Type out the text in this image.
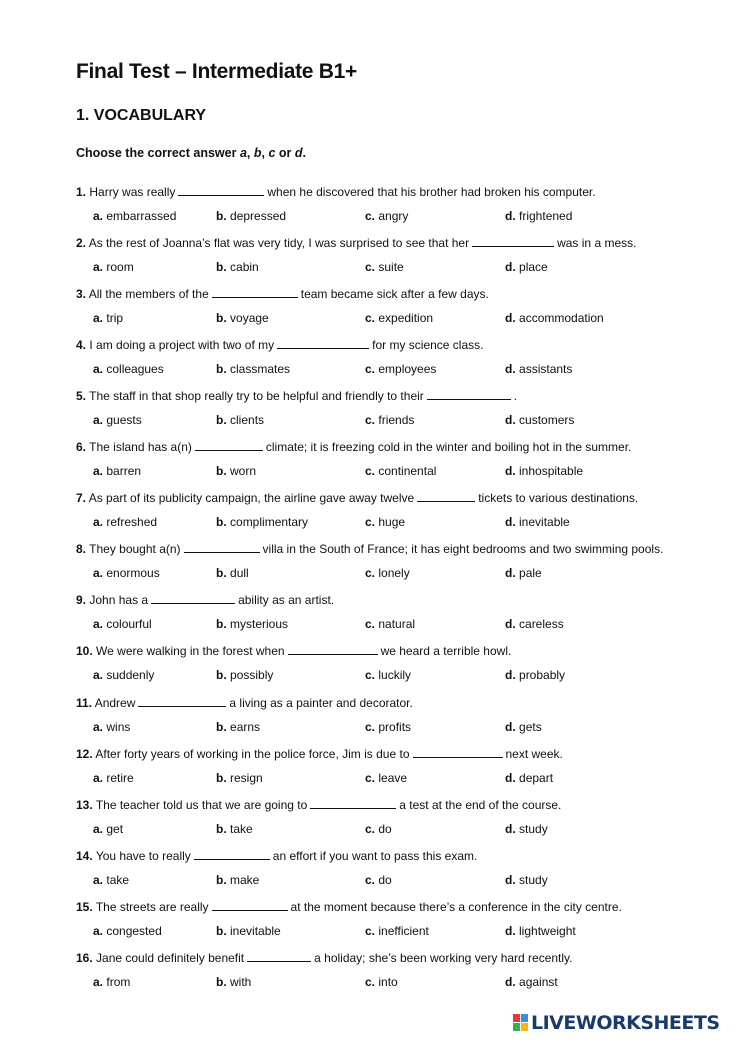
Final Test – Intermediate B1+
1. VOCABULARY
Choose the correct answer a, b, c or d.
1. Harry was really	when he discovered that his brother had broken his computer.
a. embarrassed	b. depressed	c. angry	d. frightened
2. As the rest of Joanna’s flat was very tidy, I was surprised to see that her	was in a mess.
a. room	b. cabin	c. suite	d. place
3. All the members of the	team became sick after a few days.
a. trip	b. voyage	c. expedition	d. accommodation
4. I am doing a project with two of my	for my science class.
a. colleagues	b. classmates	c. employees	d. assistants
5. The staff in that shop really try to be helpful and friendly to their	.
a. guests	b. clients	c. friends	d. customers
6. The island has a(n)	climate; it is freezing cold in the winter and boiling hot in the summer.
a. barren	b. worn	c. continental	d. inhospitable
7. As part of its publicity campaign, the airline gave away twelve	tickets to various destinations.
a. refreshed	b. complimentary	c. huge	d. inevitable
8. They bought a(n)	villa in the South of France; it has eight bedrooms and two swimming pools.
a. enormous	b. dull	c. lonely	d. pale
9. John has a	ability as an artist.
a. colourful	b. mysterious	c. natural	d. careless
10. We were walking in the forest when	we heard a terrible howl.
a. suddenly	b. possibly	c. luckily	d. probably
11. Andrew	a living as a painter and decorator.
a. wins	b. earns	c. profits	d. gets
12. After forty years of working in the police force, Jim is due to	next week.
a. retire	b. resign	c. leave	d. depart
13. The teacher told us that we are going to	a test at the end of the course.
a. get	b. take	c. do	d. study
14. You have to really	an effort if you want to pass this exam.
a. take	b. make	c. do	d. study
15. The streets are really	at the moment because there’s a conference in the city centre.
a. congested	b. inevitable	c. inefficient	d. lightweight
16. Jane could definitely benefit	a holiday; she’s been working very hard recently.
a. from	b. with	c. into	d. against
LIVEWORKSHEETS
